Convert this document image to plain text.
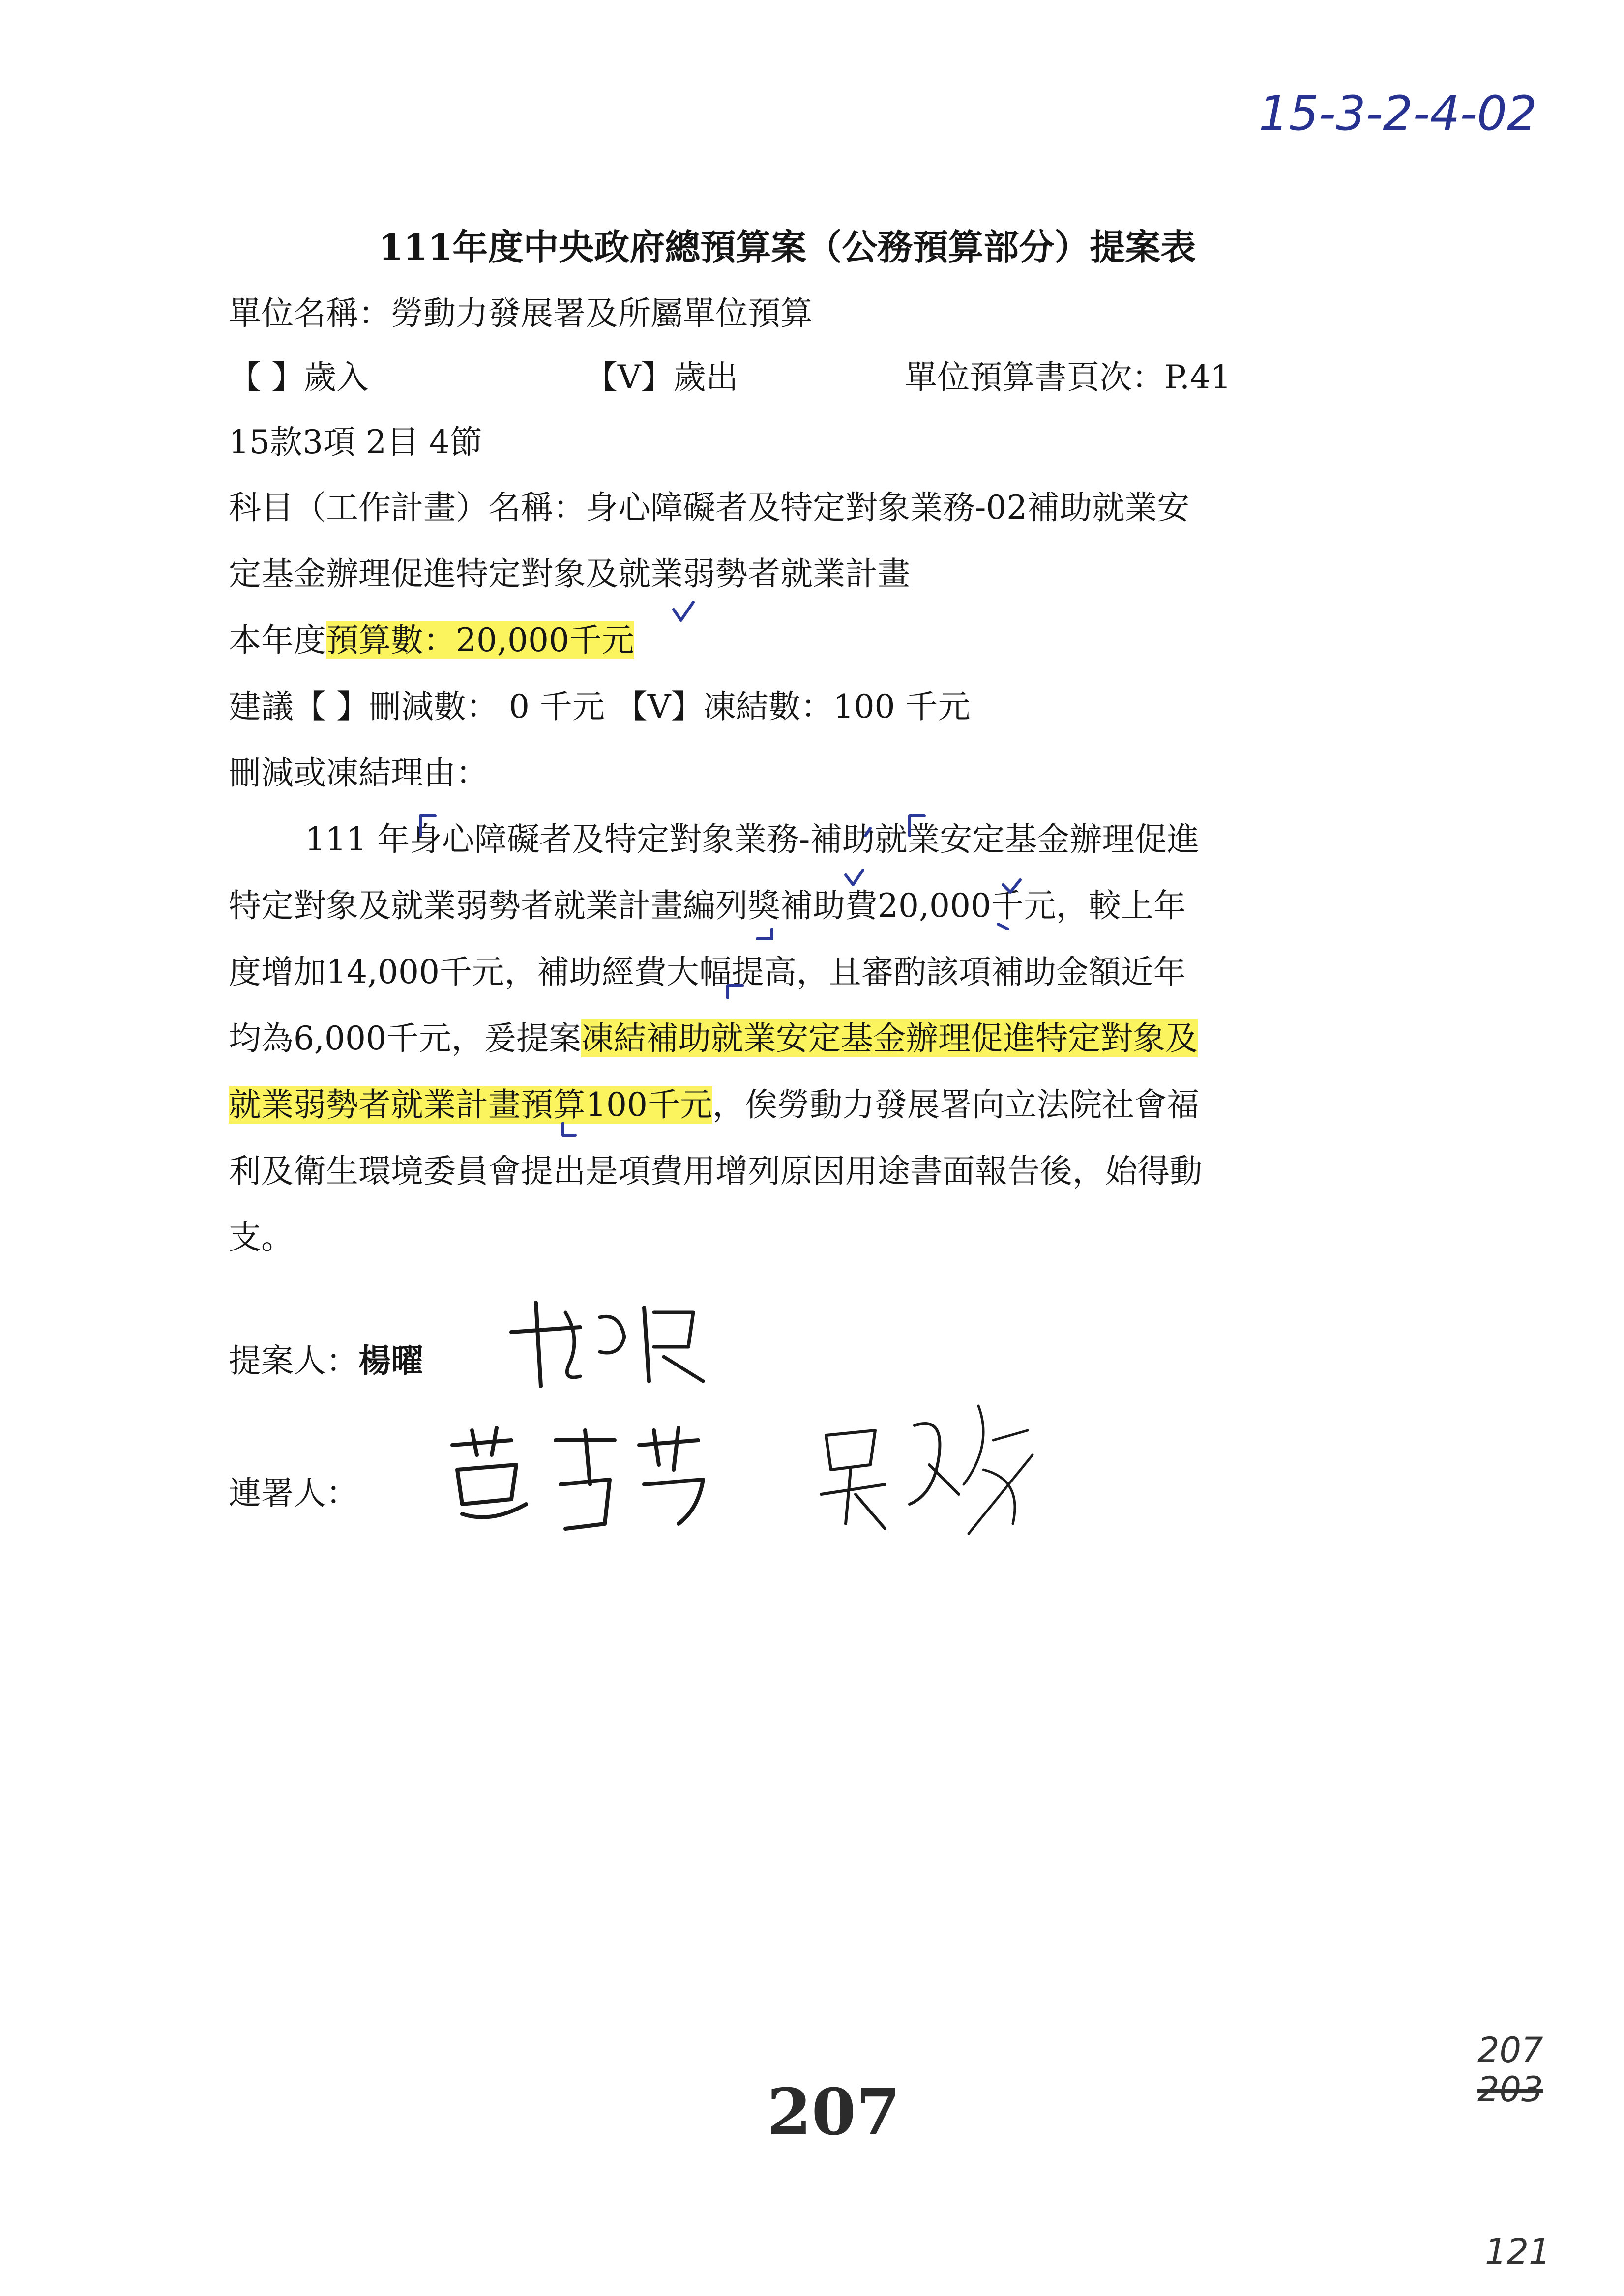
15-3-2-4-02
111年度中央政府總預算案（公務預算部分）提案表
單位名稱：勞動力發展署及所屬單位預算
【 】歲入	【V】歲出	單位預算書頁次：P.41
15款3項 2目 4節
科目（工作計畫）名稱：身心障礙者及特定對象業務-02補助就業安
定基金辦理促進特定對象及就業弱勢者就業計畫
本年度預算數：20,000千元
建議【 】刪減數： 0 千元 【V】凍結數：100 千元
刪減或凍結理由：
111 年身心障礙者及特定對象業務-補助就業安定基金辦理促進
特定對象及就業弱勢者就業計畫編列獎補助費20,000千元，較上年
度增加14,000千元，補助經費大幅提高，且審酌該項補助金額近年
均為6,000千元，爰提案凍結補助就業安定基金辦理促進特定對象及
就業弱勢者就業計畫預算100千元，俟勞動力發展署向立法院社會福
利及衛生環境委員會提出是項費用增列原因用途書面報告後，始得動
支。
提案人：楊曜
連署人：
207
207
203
121
